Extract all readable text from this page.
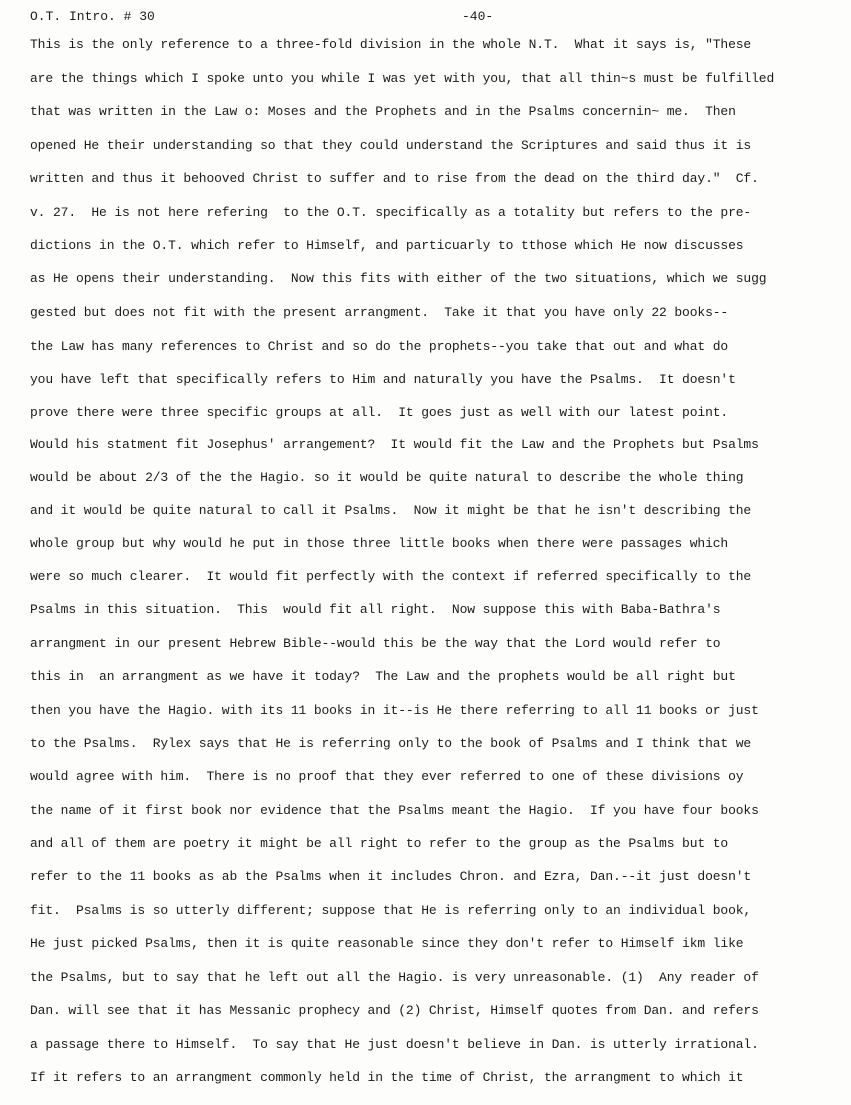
O.T. Intro. # 30	-40-
This is the only reference to a three-fold division in the whole N.T.  What it says is, "These
are the things which I spoke unto you while I was yet with you, that all thin~s must be fulfilled
that was written in the Law o: Moses and the Prophets and in the Psalms concernin~ me.  Then
opened He their understanding so that they could understand the Scriptures and said thus it is
written and thus it behooved Christ to suffer and to rise from the dead on the third day."  Cf.
v. 27.  He is not here refering  to the O.T. specifically as a totality but refers to the pre-
dictions in the O.T. which refer to Himself, and particuarly to tthose which He now discusses
as He opens their understanding.  Now this fits with either of the two situations, which we sugg
gested but does not fit with the present arrangment.  Take it that you have only 22 books--
the Law has many references to Christ and so do the prophets--you take that out and what do
you have left that specifically refers to Him and naturally you have the Psalms.  It doesn't
prove there were three specific groups at all.  It goes just as well with our latest point.
Would his statment fit Josephus' arrangement?  It would fit the Law and the Prophets but Psalms
would be about 2/3 of the the Hagio. so it would be quite natural to describe the whole thing
and it would be quite natural to call it Psalms.  Now it might be that he isn't describing the
whole group but why would he put in those three little books when there were passages which
were so much clearer.  It would fit perfectly with the context if referred specifically to the
Psalms in this situation.  This  would fit all right.  Now suppose this with Baba-Bathra's
arrangment in our present Hebrew Bible--would this be the way that the Lord would refer to
this in  an arrangment as we have it today?  The Law and the prophets would be all right but
then you have the Hagio. with its 11 books in it--is He there referring to all 11 books or just
to the Psalms.  Rylex says that He is referring only to the book of Psalms and I think that we
would agree with him.  There is no proof that they ever referred to one of these divisions oy
the name of it first book nor evidence that the Psalms meant the Hagio.  If you have four books
and all of them are poetry it might be all right to refer to the group as the Psalms but to
refer to the 11 books as ab the Psalms when it includes Chron. and Ezra, Dan.--it just doesn't
fit.  Psalms is so utterly different; suppose that He is referring only to an individual book,
He just picked Psalms, then it is quite reasonable since they don't refer to Himself ikm like
the Psalms, but to say that he left out all the Hagio. is very unreasonable. (1)  Any reader of
Dan. will see that it has Messanic prophecy and (2) Christ, Himself quotes from Dan. and refers
a passage there to Himself.  To say that He just doesn't believe in Dan. is utterly irrational.
If it refers to an arrangment commonly held in the time of Christ, the arrangment to which it
